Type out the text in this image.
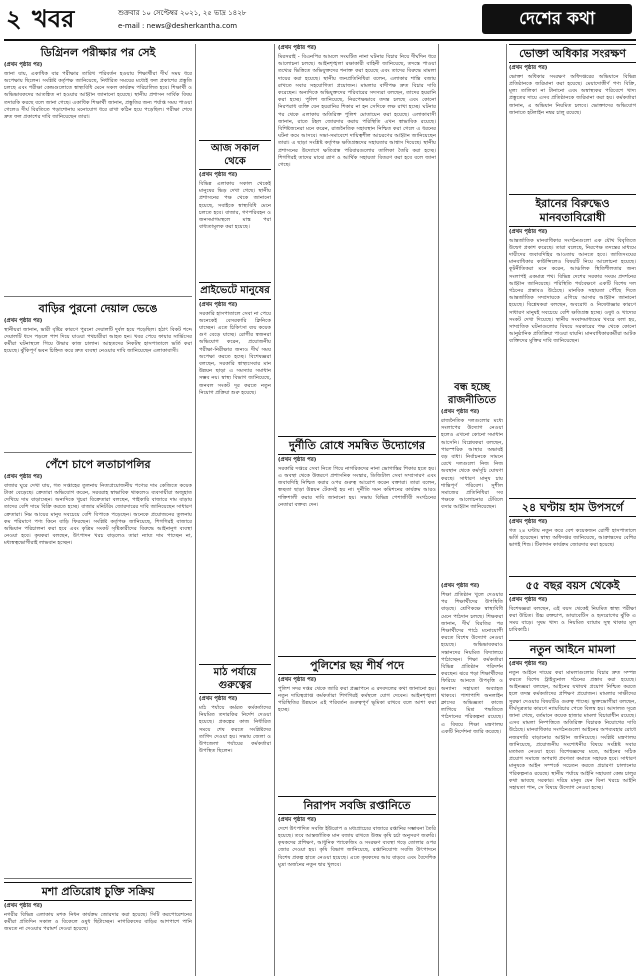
২ খবর	শুক্রবার ১০ সেপ্টেম্বর ২০২১, ২৫ ভাদ্র ১৪২৮
e-mail : news@desherkantha.com	দেশের কথা
ডিগ্রিনল পরীক্ষার পর সেই
(প্রথম পৃষ্ঠার পর)
জানা যায়, একাধিক বার পরীক্ষার তারিখ পরিবর্তন হওয়ায় শিক্ষার্থীরা দীর্ঘ সময় ধরে অপেক্ষায় ছিলেন। সংশ্লিষ্ট কর্তৃপক্ষ জানিয়েছে, নির্ধারিত সময়ের মধ্যেই ফল প্রকাশের প্রস্তুতি চলছে এবং পরীক্ষা কেন্দ্রগুলোতে স্বাস্থ্যবিধি মেনে সকল কার্যক্রম পরিচালিত হবে। শিক্ষার্থী ও অভিভাবকদের আতঙ্কিত না হওয়ার আহ্বান জানানো হয়েছে। স্থানীয় প্রশাসন সার্বিক বিষয় তদারকি করছে বলে জানা গেছে। একাধিক শিক্ষার্থী জানান, প্রস্তুতির জন্য পর্যাপ্ত সময় পাওয়া গেলেও দীর্ঘ বিরতিতে পড়াশোনায় মনোযোগ ধরে রাখা কঠিন হয়ে পড়েছিল। পরীক্ষা শেষে দ্রুত ফল প্রকাশের দাবি জানিয়েছেন তারা।
বাড়ির পুরনো দেয়াল ভেঙে
(প্রথম পৃষ্ঠার পর)
স্থানীয়রা জানান, ভারী বৃষ্টির কারণে পুরনো দেয়ালটি দুর্বল হয়ে পড়েছিল। হঠাৎ বিকট শব্দে দেয়ালটি ধসে পড়লে পাশ দিয়ে যাওয়া পথচারীরা আহত হন। খবর পেয়ে ফায়ার সার্ভিসের কর্মীরা ঘটনাস্থলে গিয়ে উদ্ধার কাজ চালান। আহতদের নিকটস্থ হাসপাতালে ভর্তি করা হয়েছে। ঝুঁকিপূর্ণ ভবন চিহ্নিত করে দ্রুত ব্যবস্থা নেওয়ার দাবি জানিয়েছেন এলাকাবাসী।
পেঁশে চাপে লতাচাপলির
(প্রথম পৃষ্ঠার পর)
বাজার ঘুরে দেখা যায়, গত সপ্তাহের তুলনায় নিত্যপ্রয়োজনীয় পণ্যের দাম কেজিতে কয়েক টাকা বেড়েছে। ক্রেতারা অভিযোগ করেন, সরবরাহ স্বাভাবিক থাকলেও ব্যবসায়ীরা অজুহাত দেখিয়ে দাম বাড়াচ্ছেন। অন্যদিকে খুচরা বিক্রেতারা বলছেন, পাইকারি বাজারে দাম বাড়ায় তাদের বেশি দামে বিক্রি করতে হচ্ছে। বাজার মনিটরিং জোরদারের দাবি জানিয়েছেন সাধারণ ক্রেতারা। নিম্ন আয়ের মানুষ সবচেয়ে বেশি বিপাকে পড়েছেন। অনেকে প্রয়োজনের তুলনায় কম পরিমাণে পণ্য কিনে বাড়ি ফিরছেন। সংশ্লিষ্ট কর্তৃপক্ষ জানিয়েছে, শিগগিরই বাজারে অভিযান পরিচালনা করা হবে এবং কৃত্রিম সংকট সৃষ্টিকারীদের বিরুদ্ধে আইনানুগ ব্যবস্থা নেওয়া হবে। কৃষকরা বলছেন, উৎপাদন খরচ বাড়লেও তারা ন্যায্য দাম পাচ্ছেন না, মধ্যস্বত্বভোগীরাই লাভবান হচ্ছেন।
মশা প্রতিরোধ চুক্তি সক্রিয়
(প্রথম পৃষ্ঠার পর)
নগরীর বিভিন্ন এলাকায় মশক নিধন কার্যক্রম জোরদার করা হয়েছে। সিটি করপোরেশনের কর্মীরা প্রতিদিন সকাল ও বিকেলে ওষুধ ছিটাচ্ছেন। নাগরিকদের বাড়ির আশপাশে পানি জমতে না দেওয়ার পরামর্শ দেওয়া হয়েছে।
আজ সকাল থেকে
(প্রথম পৃষ্ঠার পর)
বিভিন্ন এলাকায় সকাল থেকেই মানুষের ভিড় দেখা গেছে। স্থানীয় প্রশাসনের পক্ষ থেকে জানানো হয়েছে, সবাইকে স্বাস্থ্যবিধি মেনে চলতে হবে। বাজার, গণপরিবহন ও জনসমাগমস্থলে মাস্ক পরা বাধ্যতামূলক করা হয়েছে।
প্রাইভেটে মানুষের
(প্রথম পৃষ্ঠার পর)
সরকারি হাসপাতালে সেবা না পেয়ে অনেকেই বেসরকারি ক্লিনিকে যাচ্ছেন। এতে চিকিৎসা ব্যয় কয়েক গুণ বেড়ে যাচ্ছে। রোগীর স্বজনরা অভিযোগ করেন, প্রয়োজনীয় পরীক্ষা-নিরীক্ষার জন্যও দীর্ঘ সময় অপেক্ষা করতে হচ্ছে। বিশেষজ্ঞরা বলছেন, সরকারি স্বাস্থ্যসেবার মান উন্নয়ন ছাড়া এ সমস্যার সমাধান সম্ভব নয়। স্বাস্থ্য বিভাগ জানিয়েছে, জনবল সংকট দূর করতে নতুন নিয়োগ প্রক্রিয়া শুরু হয়েছে।
মাঠ পর্যায়ে গুরুত্বের
(প্রথম পৃষ্ঠার পর)
মাঠ পর্যায়ে কর্মরত কর্মকর্তাদের নিয়মিত তদারকির নির্দেশ দেওয়া হয়েছে। প্রকল্পের কাজ নির্ধারিত সময়ে শেষ করতে সংশ্লিষ্টদের তাগিদ দেওয়া হয়। সভায় জেলা ও উপজেলা পর্যায়ের কর্মকর্তারা উপস্থিত ছিলেন।
(প্রথম পৃষ্ঠার পর)
মিরসরাই - বিএনপির আমলে সংঘটিত নানা ঘটনার বিচার নিয়ে দীর্ঘদিন ধরে আলোচনা চলছে। আইনশৃঙ্খলা রক্ষাকারী বাহিনী জানিয়েছে, তদন্তে পাওয়া তথ্যের ভিত্তিতে অভিযুক্তদের শনাক্ত করা হয়েছে এবং তাদের বিরুদ্ধে মামলা দায়ের করা হয়েছে। স্থানীয় জনপ্রতিনিধিরা বলেন, এলাকার শান্তি বজায় রাখতে সবার সহযোগিতা প্রয়োজন। মামলার বাদীপক্ষ দ্রুত বিচার দাবি করেছেন। অন্যদিকে অভিযুক্তদের পরিবারের সদস্যরা বলছেন, তাদের হয়রানি করা হচ্ছে। পুলিশ জানিয়েছে, নিরপেক্ষভাবে তদন্ত চলছে এবং কোনো নিরপরাধ ব্যক্তি যেন হয়রানির শিকার না হন সেদিকে লক্ষ রাখা হচ্ছে। ঘটনার পর থেকে এলাকায় অতিরিক্ত পুলিশ মোতায়েন করা হয়েছে। এলাকাবাসী জানান, রাতে টহল জোরদার করায় পরিস্থিতি এখন স্বাভাবিক রয়েছে। বিশিষ্টজনেরা মনে করেন, রাজনৈতিক সহাবস্থান নিশ্চিত করা গেলে এ ধরনের ঘটনা কমে আসবে। সভা-সমাবেশে দায়িত্বশীল আচরণের আহ্বান জানিয়েছেন তারা। এ ছাড়া সংশ্লিষ্ট কর্তৃপক্ষ ক্ষতিগ্রস্তদের সহায়তার আশ্বাস দিয়েছে। স্থানীয় প্রশাসনের উদ্যোগে ক্ষতিগ্রস্ত পরিবারগুলোর তালিকা তৈরি করা হচ্ছে। শিগগিরই তাদের মাঝে ত্রাণ ও আর্থিক সহায়তা বিতরণ করা হবে বলে জানা গেছে।
দুর্নীতি রোধে সমন্বিত উদ্যোগের
(প্রথম পৃষ্ঠার পর)
সরকারি দপ্তরে সেবা নিতে গিয়ে নাগরিকদের নানা ভোগান্তির শিকার হতে হয়। এ অবস্থা থেকে উত্তরণে প্রশাসনিক সংস্কার, ডিজিটাল সেবা সম্প্রসারণ এবং জবাবদিহি নিশ্চিত করার ওপর গুরুত্ব আরোপ করেন বক্তারা। তারা বলেন, স্বচ্ছতা ছাড়া উন্নয়ন টেকসই হয় না। দুর্নীতি দমন কমিশনের কার্যক্রম আরও শক্তিশালী করার দাবি জানানো হয়। সভায় বিভিন্ন পেশাজীবী সংগঠনের নেতারা বক্তব্য দেন।
পুলিশের ছয় শীর্ষ পদে
(প্রথম পৃষ্ঠার পর)
পুলিশ সদর দপ্তর থেকে জারি করা প্রজ্ঞাপনে এ রদবদলের কথা জানানো হয়। নতুন দায়িত্বপ্রাপ্ত কর্মকর্তারা শিগগিরই কর্মস্থলে যোগ দেবেন। আইনশৃঙ্খলা পরিস্থিতির উন্নয়নে এই পরিবর্তন গুরুত্বপূর্ণ ভূমিকা রাখবে বলে আশা করা হচ্ছে।
নিরাপদ সবজি রপ্তানিতে
(প্রথম পৃষ্ঠার পর)
দেশে উৎপাদিত সবজি ইউরোপ ও মধ্যপ্রাচ্যের বাজারে রপ্তানির সম্ভাবনা তৈরি হয়েছে। তবে আন্তর্জাতিক মান বজায় রাখতে উত্তম কৃষি চর্চা অনুসরণ জরুরি। কৃষকদের প্রশিক্ষণ, আধুনিক প্যাকেজিং ও সংরক্ষণ ব্যবস্থা গড়ে তোলার ওপর জোর দেওয়া হয়। কৃষি বিভাগ জানিয়েছে, রপ্তানিযোগ্য সবজি উৎপাদনে বিশেষ প্রকল্প হাতে নেওয়া হয়েছে। এতে কৃষকদের আয় বাড়বে এবং বৈদেশিক মুদ্রা অর্জনের নতুন দ্বার খুলবে।
বন্ধ হচ্ছে রাজনীতিতে
(প্রথম পৃষ্ঠার পর)
রাজনৈতিক দলগুলোর মধ্যে সংলাপের উদ্যোগ নেওয়া হলেও এখনো কোনো সমাধান আসেনি। বিশ্লেষকরা বলছেন, পারস্পরিক আস্থার অভাবই বড় বাধা। নির্বাচনকে সামনে রেখে দলগুলো নিজ নিজ অবস্থান থেকে কর্মসূচি ঘোষণা করছে। সাধারণ মানুষ চায় শান্তিপূর্ণ পরিবেশ। সুশীল সমাজের প্রতিনিধিরা সব পক্ষকে আলোচনার টেবিলে বসার আহ্বান জানিয়েছেন।
(প্রথম পৃষ্ঠার পর)
শিক্ষা প্রতিষ্ঠান খুলে দেওয়ার পর শিক্ষার্থীদের উপস্থিতি বাড়ছে। শ্রেণিকক্ষে স্বাস্থ্যবিধি মেনে পাঠদান চলছে। শিক্ষকরা জানান, দীর্ঘ বিরতির পর শিক্ষার্থীদের পাঠে মনোযোগী করতে বিশেষ উদ্যোগ নেওয়া হয়েছে। অভিভাবকরাও সন্তানদের নিয়মিত বিদ্যালয়ে পাঠাচ্ছেন। শিক্ষা কর্মকর্তারা বিভিন্ন প্রতিষ্ঠান পরিদর্শন করছেন। ঝরে পড়া শিক্ষার্থীদের ফিরিয়ে আনতে উপবৃত্তি ও অন্যান্য সহায়তা অব্যাহত থাকবে। পাশাপাশি অনলাইন ক্লাসের অভিজ্ঞতা কাজে লাগিয়ে মিশ্র পদ্ধতিতে পাঠদানের পরিকল্পনা রয়েছে। এ বিষয়ে শিক্ষা মন্ত্রণালয় একটি নির্দেশনা জারি করেছে।
ভোক্তা অধিকার সংরক্ষণ
(প্রথম পৃষ্ঠার পর)
ভোক্তা অধিকার সংরক্ষণ অধিদপ্তরের অভিযানে বিভিন্ন প্রতিষ্ঠানকে জরিমানা করা হয়েছে। মেয়াদোত্তীর্ণ পণ্য বিক্রি, মূল্য তালিকা না টানানো এবং অস্বাস্থ্যকর পরিবেশে খাদ্য প্রস্তুতের দায়ে এসব প্রতিষ্ঠানকে জরিমানা করা হয়। কর্মকর্তারা জানান, এ অভিযান নিয়মিত চলবে। ভোক্তাদের অভিযোগ জানাতে হটলাইন নম্বর চালু রয়েছে।
ইরানের বিরুদ্ধেও মানবতাবিরোধী
(প্রথম পৃষ্ঠার পর)
আন্তর্জাতিক মানবাধিকার সংগঠনগুলো এক যৌথ বিবৃতিতে উদ্বেগ প্রকাশ করেছে। তারা বলেছে, নিরপেক্ষ তদন্তের মাধ্যমে দায়ীদের জবাবদিহির আওতায় আনতে হবে। জাতিসংঘের মানবাধিকার কাউন্সিলেও বিষয়টি নিয়ে আলোচনা হয়েছে। কূটনীতিকরা মনে করেন, আঞ্চলিক স্থিতিশীলতার জন্য সংলাপই একমাত্র পথ। বিভিন্ন দেশের সরকার সংযম প্রদর্শনের আহ্বান জানিয়েছে। পরিস্থিতি পর্যবেক্ষণে একটি বিশেষ দল গঠনের প্রস্তাবও উঠেছে। মানবিক সহায়তা পৌঁছে দিতে আন্তর্জাতিক সম্প্রদায়কে এগিয়ে আসার আহ্বান জানানো হয়েছে। বিশ্লেষকরা বলছেন, অবরোধ ও নিষেধাজ্ঞার কারণে সাধারণ মানুষই সবচেয়ে বেশি ক্ষতিগ্রস্ত হচ্ছে। ওষুধ ও খাদ্যের সংকট দেখা দিয়েছে। স্থানীয় সংবাদমাধ্যমের খবরে বলা হয়, সাম্প্রতিক ঘটনাগুলোর বিষয়ে সরকারের পক্ষ থেকে কোনো আনুষ্ঠানিক প্রতিক্রিয়া পাওয়া যায়নি। মানবাধিকারকর্মীরা আটক ব্যক্তিদের মুক্তির দাবি জানিয়েছেন।
২৪ ঘণ্টায় হাম উপসর্গে
(প্রথম পৃষ্ঠার পর)
গত ২৪ ঘণ্টায় নতুন করে বেশ কয়েকজন রোগী হাসপাতালে ভর্তি হয়েছেন। স্বাস্থ্য অধিদপ্তর জানিয়েছে, আক্রান্তদের বেশির ভাগই শিশু। টিকাদান কার্যক্রম জোরদার করা হয়েছে।
৫৫ বছর বয়স থেকেই
(প্রথম পৃষ্ঠার পর)
বিশেষজ্ঞরা বলছেন, এই বয়স থেকেই নিয়মিত স্বাস্থ্য পরীক্ষা করা উচিত। উচ্চ রক্তচাপ, ডায়াবেটিস ও হৃদরোগের ঝুঁকি এ সময় বাড়ে। সুষম খাদ্য ও নিয়মিত ব্যায়াম সুস্থ থাকার মূল চাবিকাঠি।
নতুন আইনে মামলা
(প্রথম পৃষ্ঠার পর)
নতুন আইনে দায়ের করা মামলাগুলোর বিচার দ্রুত সম্পন্ন করতে বিশেষ ট্রাইব্যুনাল গঠনের প্রস্তাব করা হয়েছে। আইনজ্ঞরা বলছেন, আইনের যথাযথ প্রয়োগ নিশ্চিত করতে হলে তদন্ত কর্মকর্তাদের প্রশিক্ষণ প্রয়োজন। মামলার সাক্ষীদের সুরক্ষা দেওয়ার বিষয়টিও গুরুত্ব পাচ্ছে। ভুক্তভোগীরা বলছেন, দীর্ঘসূত্রতার কারণে ন্যায়বিচার পেতে বিলম্ব হয়। আদালত সূত্রে জানা গেছে, বর্তমানে কয়েক হাজার মামলা বিচারাধীন রয়েছে। এসব মামলা নিষ্পত্তিতে অতিরিক্ত বিচারক নিয়োগের দাবি উঠেছে। মানবাধিকার সংগঠনগুলো আইনের অপব্যবহার রোধে নজরদারি বাড়ানোর আহ্বান জানিয়েছে। সংশ্লিষ্ট মন্ত্রণালয় জানিয়েছে, প্রয়োজনীয় সংশোধনীর বিষয়ে সংশ্লিষ্ট সবার মতামত নেওয়া হবে। বিশেষজ্ঞদের মতে, আইনের সঠিক প্রয়োগ সমাজে অপরাধ প্রবণতা কমাতে সহায়ক হবে। সাধারণ মানুষকে আইন সম্পর্কে সচেতন করতে প্রচারণা চালানোর পরিকল্পনাও রয়েছে। স্থানীয় পর্যায়ে আইনি সহায়তা কেন্দ্র চালুর কথা ভাবছে সরকার। দরিদ্র মানুষ যেন বিনা খরচে আইনি সহায়তা পান, সে বিষয়ে উদ্যোগ নেওয়া হচ্ছে।
